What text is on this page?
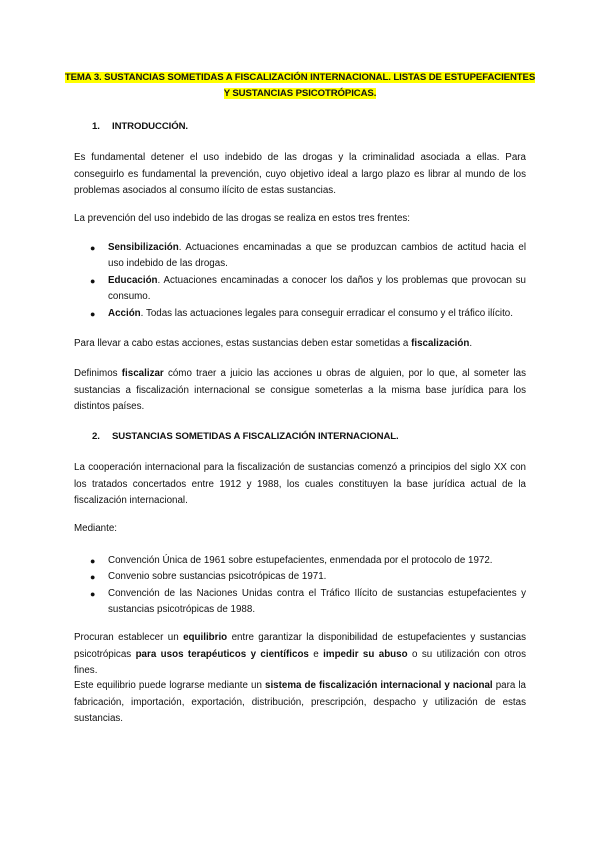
TEMA 3. SUSTANCIAS SOMETIDAS A FISCALIZACIÓN INTERNACIONAL. LISTAS DE ESTUPEFACIENTES
Y SUSTANCIAS PSICOTRÓPICAS.
1. INTRODUCCIÓN.

Es fundamental detener el uso indebido de las drogas y la criminalidad asociada a ellas. Para conseguirlo es fundamental la prevención, cuyo objetivo ideal a largo plazo es librar al mundo de los problemas asociados al consumo ilícito de estas sustancias.

La prevención del uso indebido de las drogas se realiza en estos tres frentes:

● Sensibilización. Actuaciones encaminadas a que se produzcan cambios de actitud hacia el uso indebido de las drogas.
● Educación. Actuaciones encaminadas a conocer los daños y los problemas que provocan su consumo.
● Acción. Todas las actuaciones legales para conseguir erradicar el consumo y el tráfico ilícito.

Para llevar a cabo estas acciones, estas sustancias deben estar sometidas a fiscalización.

Definimos fiscalizar cómo traer a juicio las acciones u obras de alguien, por lo que, al someter las sustancias a fiscalización internacional se consigue someterlas a la misma base jurídica para los distintos países.

2. SUSTANCIAS SOMETIDAS A FISCALIZACIÓN INTERNACIONAL.

La cooperación internacional para la fiscalización de sustancias comenzó a principios del siglo XX con los tratados concertados entre 1912 y 1988, los cuales constituyen la base jurídica actual de la fiscalización internacional.

Mediante:

● Convención Única de 1961 sobre estupefacientes, enmendada por el protocolo de 1972.
● Convenio sobre sustancias psicotrópicas de 1971.
● Convención de las Naciones Unidas contra el Tráfico Ilícito de sustancias estupefacientes y sustancias psicotrópicas de 1988.

Procuran establecer un equilibrio entre garantizar la disponibilidad de estupefacientes y sustancias psicotrópicas para usos terapéuticos y científicos e impedir su abuso o su utilización con otros fines.

Este equilibrio puede lograrse mediante un sistema de fiscalización internacional y nacional para la fabricación, importación, exportación, distribución, prescripción, despacho y utilización de estas sustancias.
